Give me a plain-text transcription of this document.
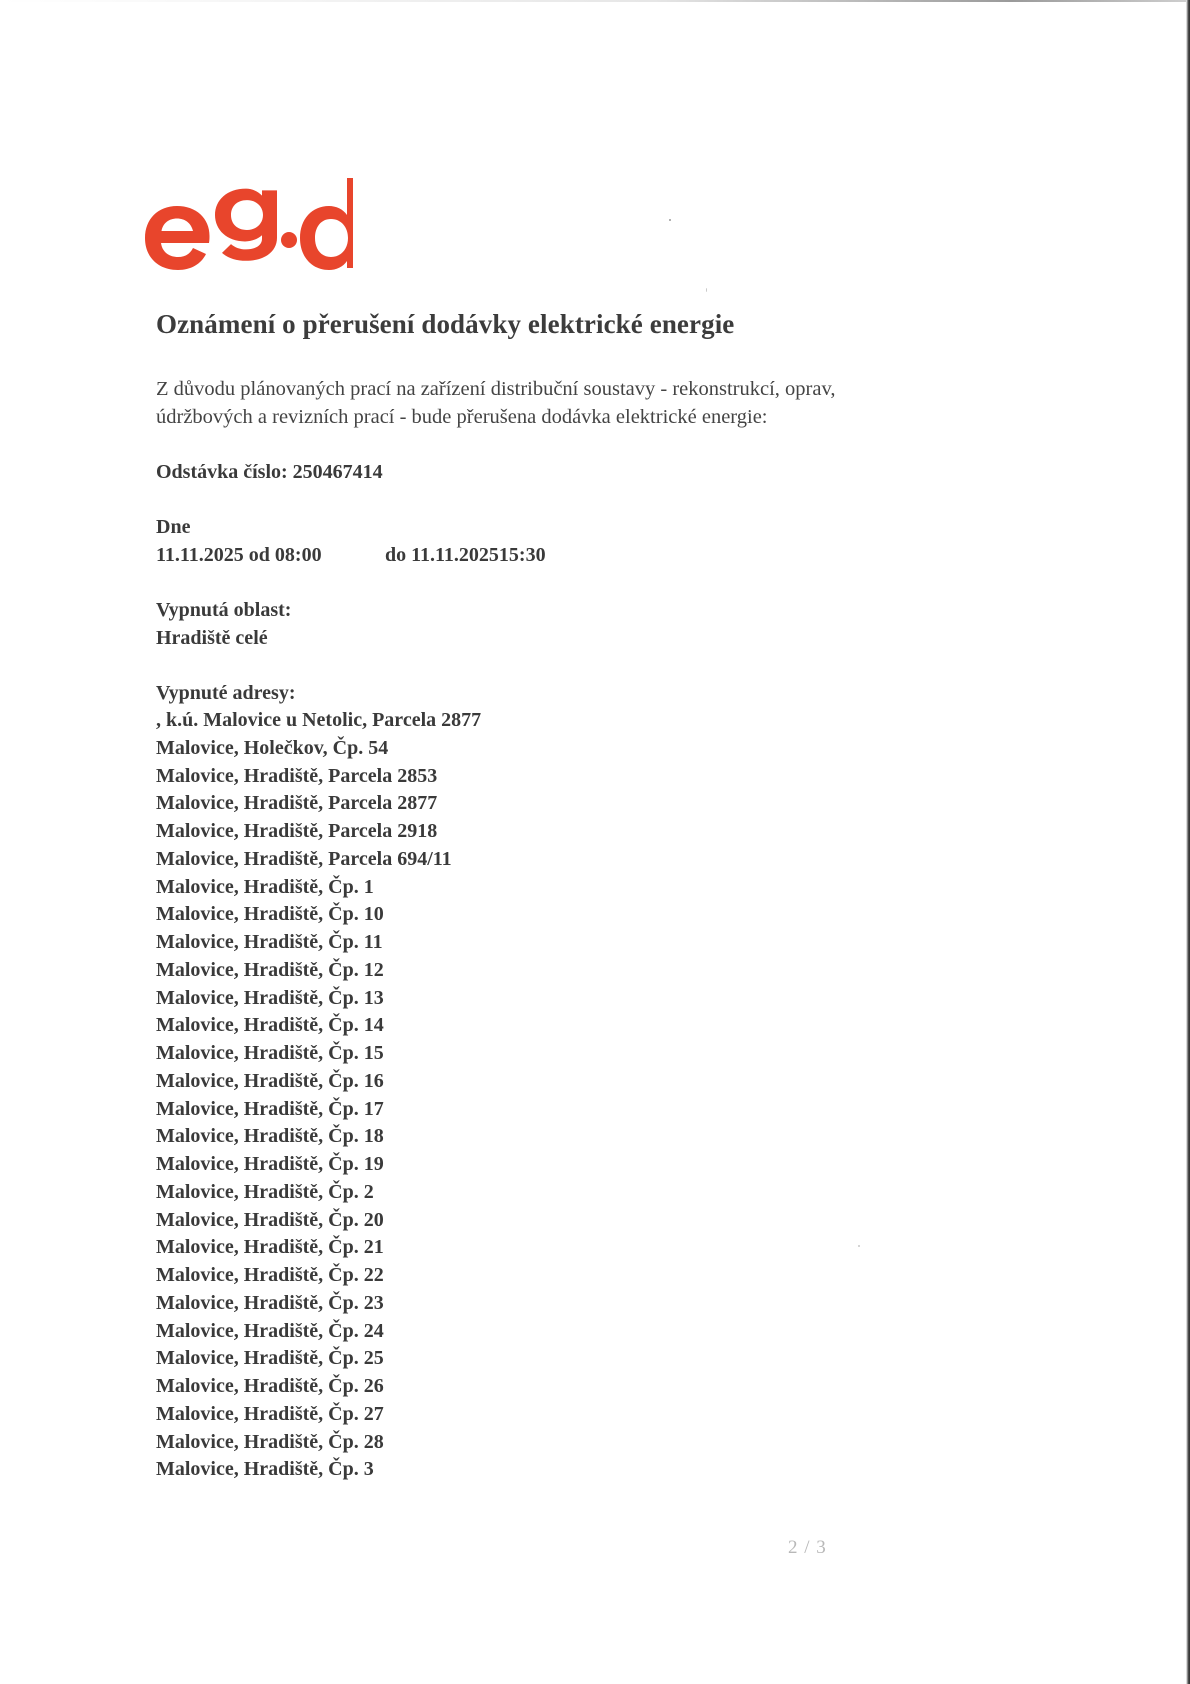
Oznámení o přerušení dodávky elektrické energie
Z důvodu plánovaných prací na zařízení distribuční soustavy - rekonstrukcí, oprav,
údržbových a revizních prací - bude přerušena dodávka elektrické energie:

Odstávka číslo: 250467414

Dne

11.11.2025 od 08:00	do 11.11.202515:30

Vypnutá oblast:

Hradiště celé

Vypnuté adresy:

, k.ú. Malovice u Netolic, Parcela 2877
Malovice, Holečkov, Čp. 54
Malovice, Hradiště, Parcela 2853
Malovice, Hradiště, Parcela 2877
Malovice, Hradiště, Parcela 2918
Malovice, Hradiště, Parcela 694/11
Malovice, Hradiště, Čp. 1
Malovice, Hradiště, Čp. 10
Malovice, Hradiště, Čp. 11
Malovice, Hradiště, Čp. 12
Malovice, Hradiště, Čp. 13
Malovice, Hradiště, Čp. 14
Malovice, Hradiště, Čp. 15
Malovice, Hradiště, Čp. 16
Malovice, Hradiště, Čp. 17
Malovice, Hradiště, Čp. 18
Malovice, Hradiště, Čp. 19
Malovice, Hradiště, Čp. 2
Malovice, Hradiště, Čp. 20
Malovice, Hradiště, Čp. 21
Malovice, Hradiště, Čp. 22
Malovice, Hradiště, Čp. 23
Malovice, Hradiště, Čp. 24
Malovice, Hradiště, Čp. 25
Malovice, Hradiště, Čp. 26
Malovice, Hradiště, Čp. 27
Malovice, Hradiště, Čp. 28
Malovice, Hradiště, Čp. 3
2 / 3
